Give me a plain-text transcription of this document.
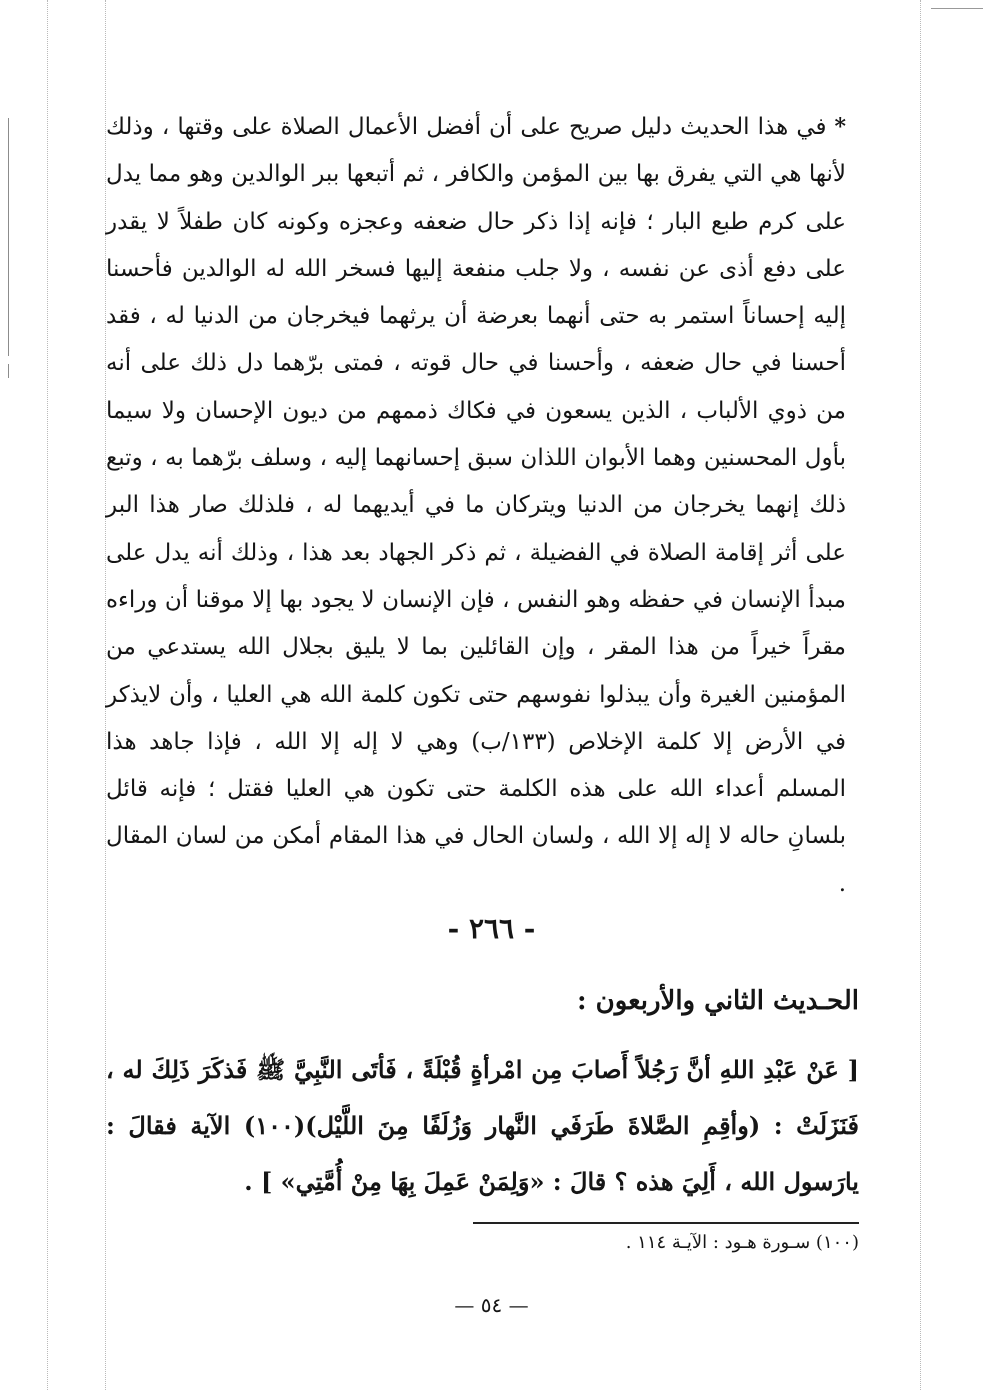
*في هذا الحديث دليل صريح على أن أفضل الأعمال الصلاة على وقتها ، وذلك لأنها هي التي يفرق بها بين المؤمن والكافر ، ثم أتبعها ببر الوالدين وهو مما يدل على كرم طبع البار ؛ فإنه إذا ذكر حال ضعفه وعجزه وكونه كان طفلاً لا يقدر على دفع أذى عن نفسه ، ولا جلب منفعة إليها فسخر الله له الوالدين فأحسنا إليه إحساناً استمر به حتى أنهما بعرضة أن يرثهما فيخرجان من الدنيا له ، فقد أحسنا في حال ضعفه ، وأحسنا في حال قوته ، فمتى برّهما دل ذلك على أنه من ذوي الألباب ، الذين يسعون في فكاك ذممهم من ديون الإحسان ولا سيما بأول المحسنين وهما الأبوان اللذان سبق إحسانهما إليه ، وسلف برّهما به ، وتبع ذلك إنهما يخرجان من الدنيا ويتركان ما في أيديهما له ، فلذلك صار هذا البر على أثر إقامة الصلاة في الفضيلة ، ثم ذكر الجهاد بعد هذا ، وذلك أنه يدل على مبدأ الإنسان في حفظه وهو النفس ، فإن الإنسان لا يجود بها إلا موقنا أن وراءه مقراً خيراً من هذا المقر ، وإن القائلين بما لا يليق بجلال الله يستدعي من المؤمنين الغيرة وأن يبذلوا نفوسهم حتى تكون كلمة الله هي العليا ، وأن لايذكر في الأرض إلا كلمة الإخلاص (١٣٣/ب) وهي لا إله إلا الله ، فإذا جاهد هذا المسلم أعداء الله على هذه الكلمة حتى تكون هي العليا فقتل ؛ فإنه قائل بلسانِ حاله لا إله إلا الله ، ولسان الحال في هذا المقام أمكن من لسان المقال .
- ٢٦٦ -
الحـديث الثاني والأربعون :
[ عَنْ عَبْدِ اللهِ أنَّ رَجُلاً أَصابَ مِن امْرأةٍ قُبْلَةً ، فَأتَى النَّبِيَّ ﷺ فَذكَرَ ذَلِكَ له ، فَنَزَلَتْ : (وأقِمِ الصَّلاةَ طَرَفَي النَّهار وَزُلَفًا مِنَ اللَّيْل)(١٠٠) الآية فقالَ : يارَسول الله ، أَلِيَ هذه ؟ قالَ : «وَلِمَنْ عَمِلَ بِهَا مِنْ أُمَّتِي» ] .
(١٠٠) سـورة هـود : الآيـة ١١٤ .
— ٥٤ —
